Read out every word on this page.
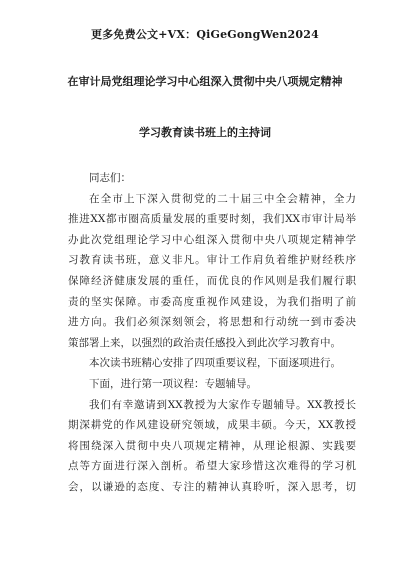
更多免费公文+VX：QiGeGongWen2024
在审计局党组理论学习中心组深入贯彻中央八项规定精神
学习教育读书班上的主持词
同志们：
在全市上下深入贯彻党的二十届三中全会精神，全力
推进XX都市圈高质量发展的重要时刻，我们XX市审计局举
办此次党组理论学习中心组深入贯彻中央八项规定精神学
习教育读书班，意义非凡。审计工作肩负着维护财经秩序
保障经济健康发展的重任，而优良的作风则是我们履行职
责的坚实保障。市委高度重视作风建设，为我们指明了前
进方向。我们必须深刻领会，将思想和行动统一到市委决
策部署上来，以强烈的政治责任感投入到此次学习教育中。
本次读书班精心安排了四项重要议程，下面逐项进行。
下面，进行第一项议程：专题辅导。
我们有幸邀请到XX教授为大家作专题辅导。XX教授长
期深耕党的作风建设研究领域，成果丰硕。今天，XX教授
将围绕深入贯彻中央八项规定精神，从理论根源、实践要
点等方面进行深入剖析。希望大家珍惜这次难得的学习机
会，以谦逊的态度、专注的精神认真聆听，深入思考，切
